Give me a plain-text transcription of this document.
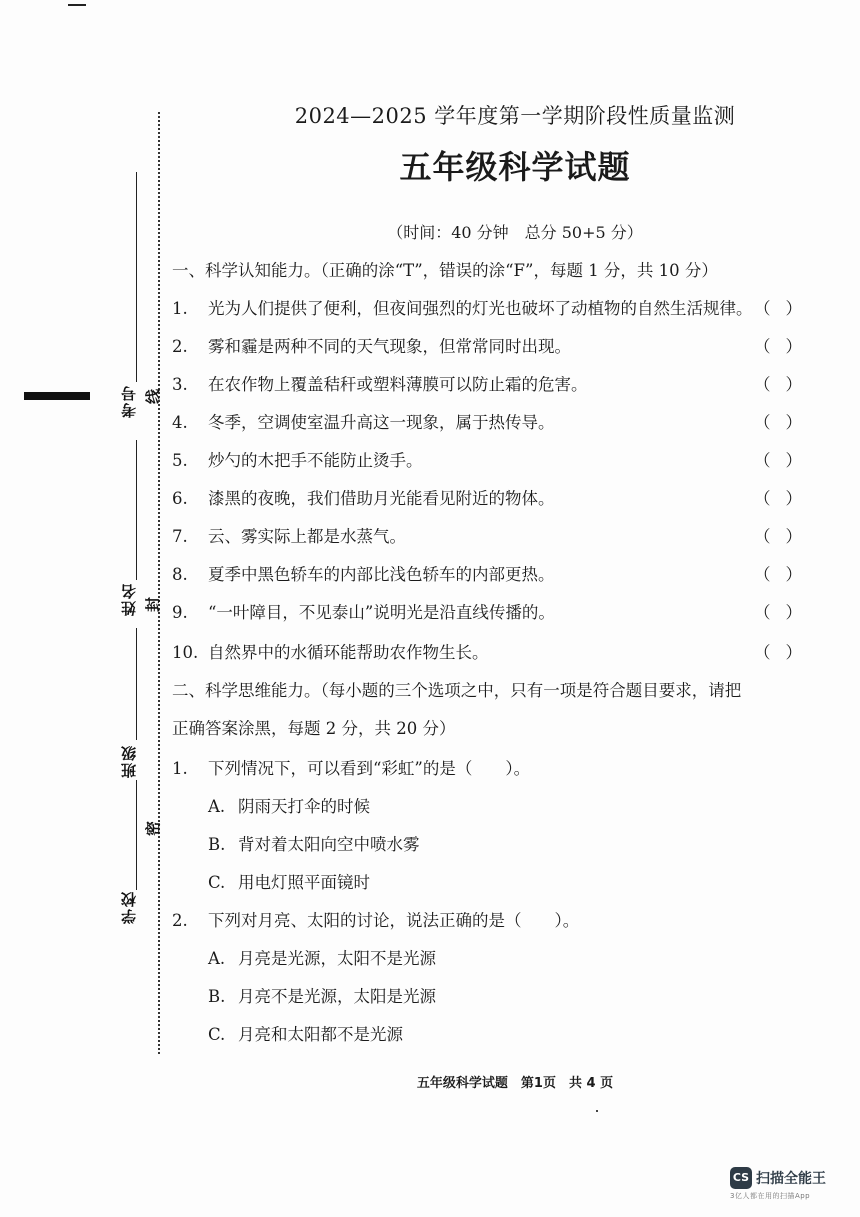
考号
姓名
班级
学校
线
封
密
2024—2025 学年度第一学期阶段性质量监测
五年级科学试题
（时间：40 分钟　总分 50+5 分）
一、科学认知能力。（正确的涂“T”，错误的涂“F”，每题 1 分，共 10 分）
1. 光为人们提供了便利，但夜间强烈的灯光也破坏了动植物的自然生活规律。 （ ）
2. 雾和霾是两种不同的天气现象，但常常同时出现。	（ ）
3. 在农作物上覆盖秸秆或塑料薄膜可以防止霜的危害。	（ ）
4. 冬季，空调使室温升高这一现象，属于热传导。	（ ）
5. 炒勺的木把手不能防止烫手。	（ ）
6. 漆黑的夜晚，我们借助月光能看见附近的物体。	（ ）
7. 云、雾实际上都是水蒸气。	（ ）
8. 夏季中黑色轿车的内部比浅色轿车的内部更热。	（ ）
9. “一叶障目，不见泰山”说明光是沿直线传播的。	（ ）
10. 自然界中的水循环能帮助农作物生长。	（ ）
二、科学思维能力。（每小题的三个选项之中，只有一项是符合题目要求，请把
正确答案涂黑，每题 2 分，共 20 分）
1. 下列情况下，可以看到“彩虹”的是（　　）。
A. 阴雨天打伞的时候
B. 背对着太阳向空中喷水雾
C. 用电灯照平面镜时
2. 下列对月亮、太阳的讨论，说法正确的是（　　）。
A. 月亮是光源，太阳不是光源
B. 月亮不是光源，太阳是光源
C. 月亮和太阳都不是光源
五年级科学试题　第1页　共 4 页
CS 扫描全能王
3亿人都在用的扫描App
